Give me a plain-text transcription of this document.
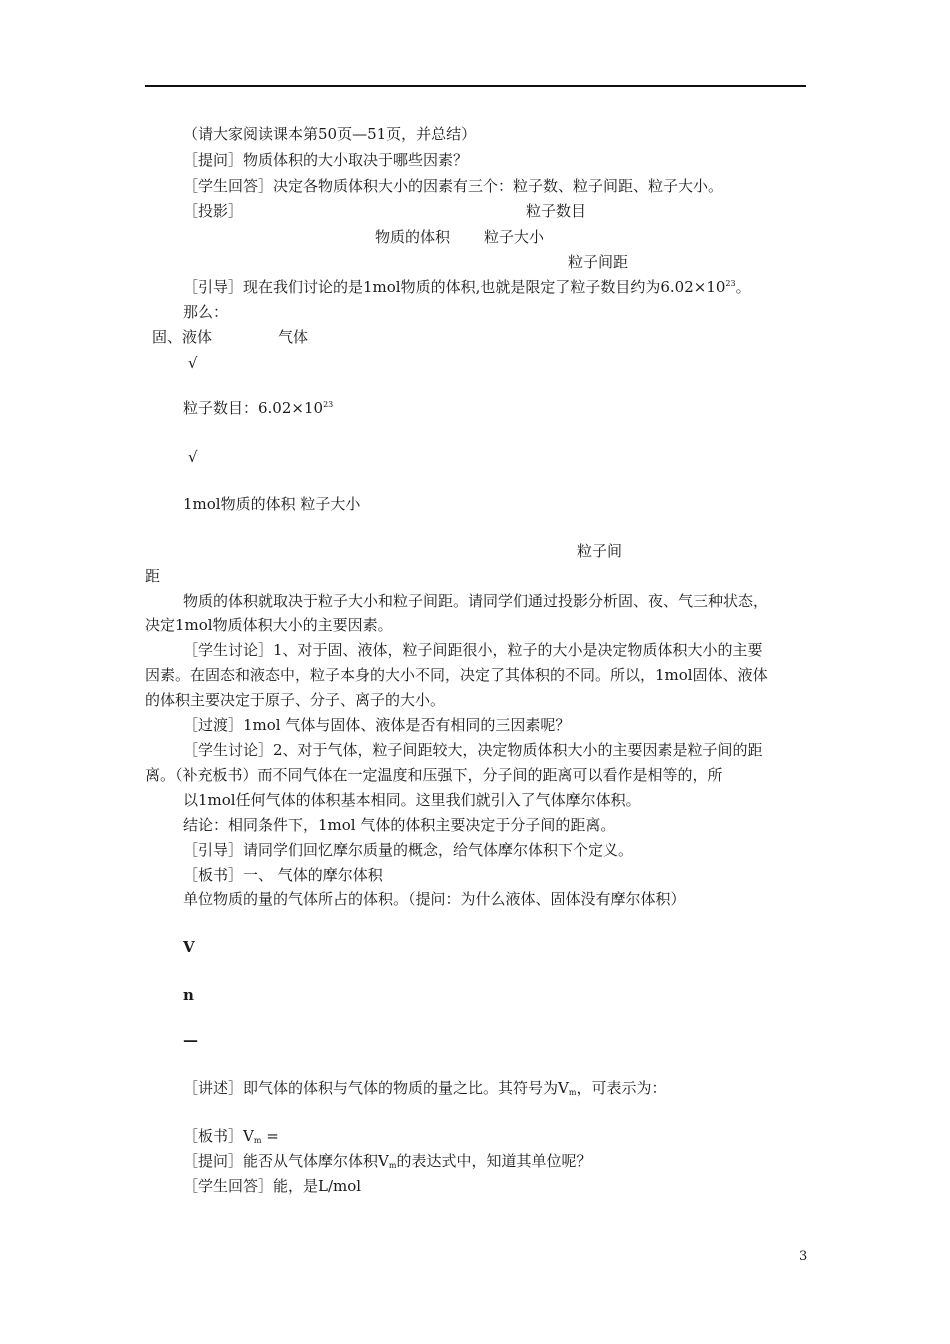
（请大家阅读课本第50页—51页，并总结）
［提问］物质体积的大小取决于哪些因素？
［学生回答］决定各物质体积大小的因素有三个：粒子数、粒子间距、粒子大小。
［投影］	粒子数目
物质的体积 粒子大小
粒子间距
［引导］现在我们讨论的是1mol物质的体积,也就是限定了粒子数目约为$6.02\times 10^{23}$。
那么：
固、液体	气体
√
粒子数目：$6.02\times 10^{23}$
√
1mol物质的体积 粒子大小
粒子间
距
物质的体积就取决于粒子大小和粒子间距。请同学们通过投影分析固、夜、气三种状态，
决定1mol物质体积大小的主要因素。
［学生讨论］1、对于固、液体，粒子间距很小，粒子的大小是决定物质体积大小的主要
因素。在固态和液态中，粒子本身的大小不同，决定了其体积的不同。所以，1mol固体、液体
的体积主要决定于原子、分子、离子的大小。
［过渡］1mol 气体与固体、液体是否有相同的三因素呢？
［学生讨论］2、对于气体，粒子间距较大，决定物质体积大小的主要因素是粒子间的距
离。（补充板书）而不同气体在一定温度和压强下，分子间的距离可以看作是相等的，所
以1mol任何气体的体积基本相同。这里我们就引入了气体摩尔体积。
结论：相同条件下，1mol 气体的体积主要决定于分子间的距离。
［引导］请同学们回忆摩尔质量的概念，给气体摩尔体积下个定义。
［板书］一、 气体的摩尔体积
单位物质的量的气体所占的体积。（提问：为什么液体、固体没有摩尔体积）
V
n
—
［讲述］即气体的体积与气体的物质的量之比。其符号为$V_m$，可表示为：
［板书$]V_m$ =
［提问］能否从气体摩尔体积$V_m$的表达式中，知道其单位呢？
［学生回答］能，是L/mol
3
